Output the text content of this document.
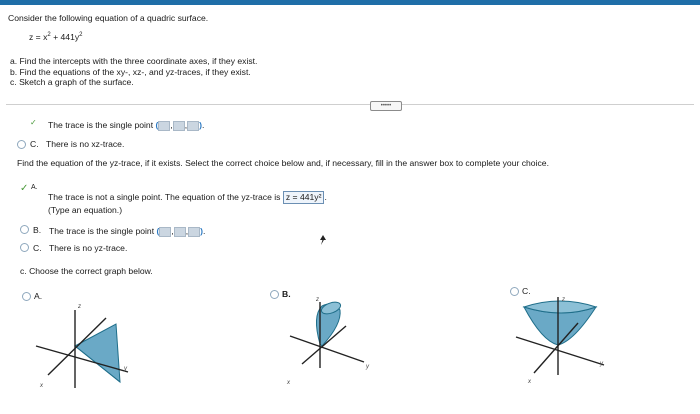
Consider the following equation of a quadric surface.
$z = x^2 + 441y^2$
a. Find the intercepts with the three coordinate axes, if they exist.
b. Find the equations of the xy-, xz-, and yz-traces, if they exist.
c. Sketch a graph of the surface.
•••••
✓ The trace is the single point ( , , ).
C. There is no xz-trace.
Find the equation of the yz-trace, if it exists. Select the correct choice below and, if necessary, fill in the answer box to complete your choice.
✓ A.
The trace is not a single point. The equation of the yz-trace is z = 441y² .
(Type an equation.)
B. The trace is the single point ( , , ).
C. There is no yz-trace.
c. Choose the correct graph below.
A.
z
y
x
B.
z
y
x
C.
z
y
x
